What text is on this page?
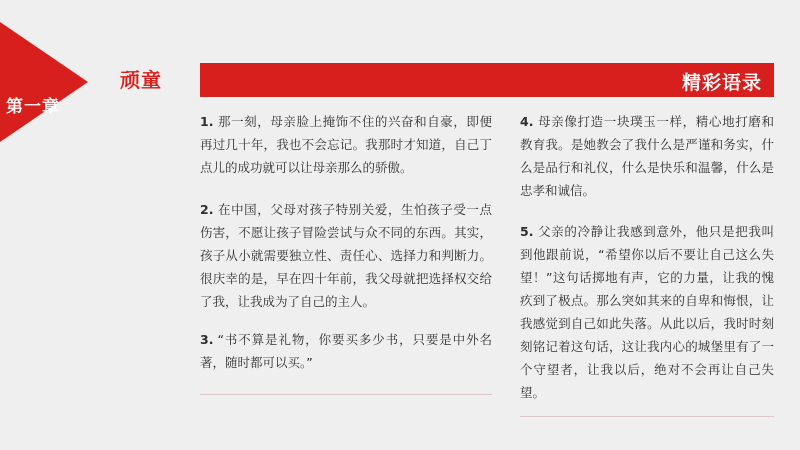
第一章
顽童	精彩语录

1. 那一刻，母亲脸上掩饰不住的兴奋和自豪，即便再过几十年，我也不会忘记。我那时才知道，自己丁点儿的成功就可以让母亲那么的骄傲。

2. 在中国，父母对孩子特别关爱，生怕孩子受一点伤害，不愿让孩子冒险尝试与众不同的东西。其实，孩子从小就需要独立性、责任心、选择力和判断力。很庆幸的是，早在四十年前，我父母就把选择权交给了我，让我成为了自己的主人。

3. “书不算是礼物，你要买多少书，只要是中外名著，随时都可以买。”

4. 母亲像打造一块璞玉一样，精心地打磨和教育我。是她教会了我什么是严谨和务实，什么是品行和礼仪，什么是快乐和温馨，什么是忠孝和诚信。

5. 父亲的冷静让我感到意外，他只是把我叫到他跟前说，“希望你以后不要让自己这么失望！”这句话掷地有声，它的力量，让我的愧疚到了极点。那么突如其来的自卑和悔恨，让我感觉到自己如此失落。从此以后，我时时刻刻铭记着这句话，这让我内心的城堡里有了一个守望者，让我以后，绝对不会再让自己失望。
